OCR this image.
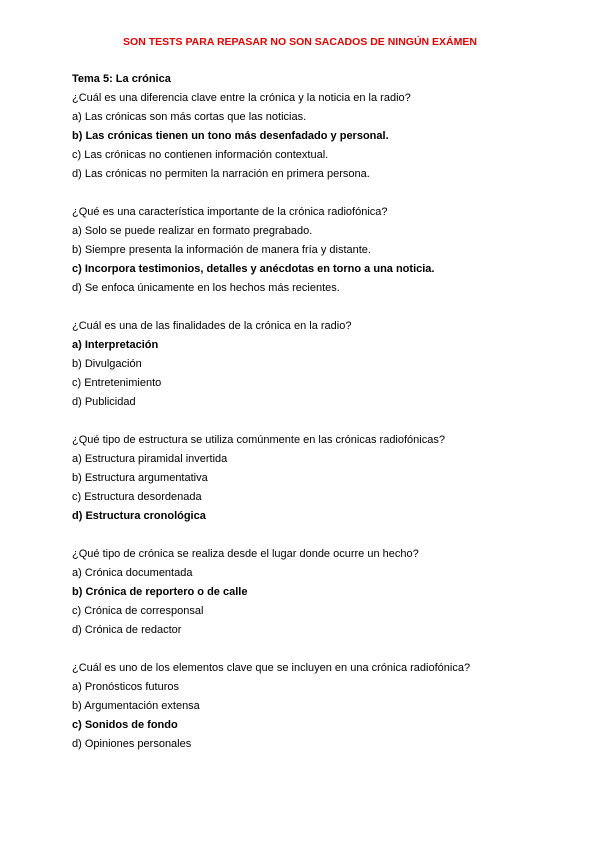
SON TESTS PARA REPASAR NO SON SACADOS DE NINGÚN EXÁMEN
Tema 5: La crónica
¿Cuál es una diferencia clave entre la crónica y la noticia en la radio?
a) Las crónicas son más cortas que las noticias.
b) Las crónicas tienen un tono más desenfadado y personal.
c) Las crónicas no contienen información contextual.
d) Las crónicas no permiten la narración en primera persona.
¿Qué es una característica importante de la crónica radiofónica?
a) Solo se puede realizar en formato pregrabado.
b) Siempre presenta la información de manera fría y distante.
c) Incorpora testimonios, detalles y anécdotas en torno a una noticia.
d) Se enfoca únicamente en los hechos más recientes.
¿Cuál es una de las finalidades de la crónica en la radio?
a) Interpretación
b) Divulgación
c) Entretenimiento
d) Publicidad
¿Qué tipo de estructura se utiliza comúnmente en las crónicas radiofónicas?
a) Estructura piramidal invertida
b) Estructura argumentativa
c) Estructura desordenada
d) Estructura cronológica
¿Qué tipo de crónica se realiza desde el lugar donde ocurre un hecho?
a) Crónica documentada
b) Crónica de reportero o de calle
c) Crónica de corresponsal
d) Crónica de redactor
¿Cuál es uno de los elementos clave que se incluyen en una crónica radiofónica?
a) Pronósticos futuros
b) Argumentación extensa
c) Sonidos de fondo
d) Opiniones personales
